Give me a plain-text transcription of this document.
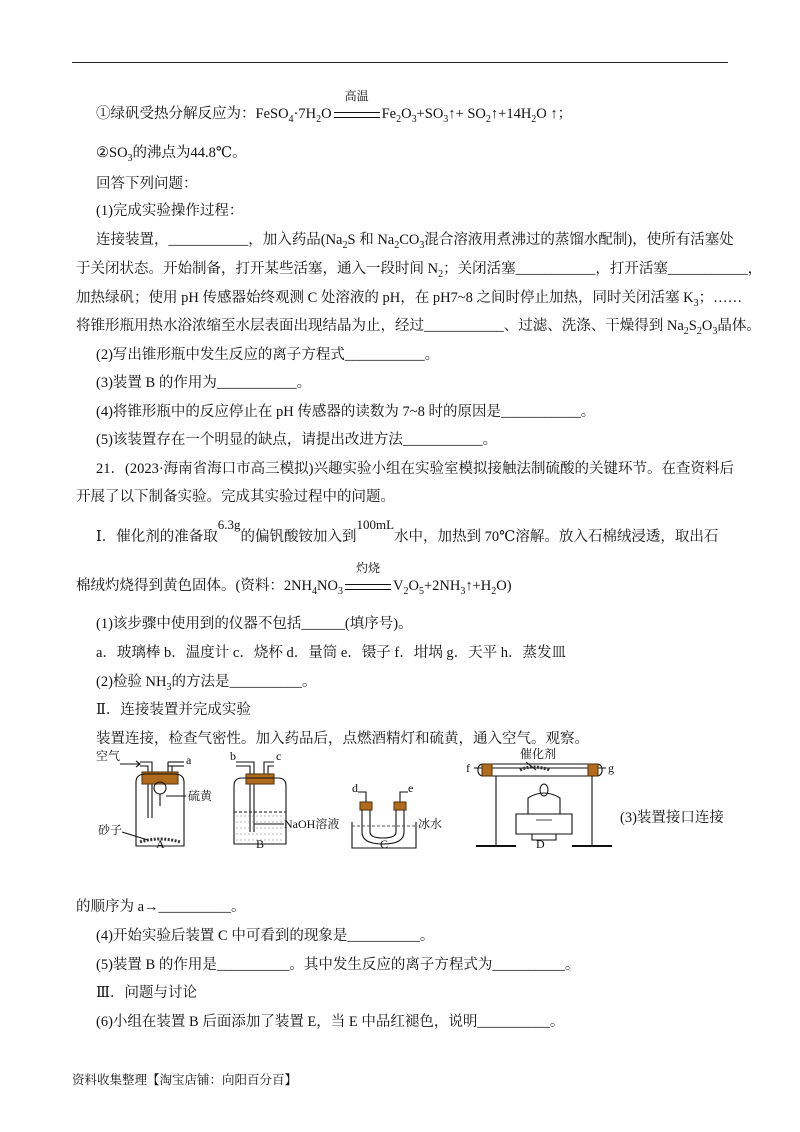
①绿矾受热分解反应为：$FeSO_4\cdot 7H_2O$
高温
$Fe_2O_3+SO_3↑+$ $SO_2↑+14H_2O$ ↑；
$②SO_3$的沸点为44.8℃。
回答下列问题：
(1)完成实验操作过程：
连接装置，___________，加入药品($Na_2S$ 和 $Na_2CO_3$混合溶液用煮沸过的蒸馏水配制)，使所有活塞处
于关闭状态。开始制备，打开某些活塞，通入一段时间 $N_2$；关闭活塞___________，打开活塞___________，
加热绿矾；使用 pH 传感器始终观测 C 处溶液的 pH，在 pH7~8 之间时停止加热，同时关闭活塞 $K_3$；……
将锥形瓶用热水浴浓缩至水层表面出现结晶为止，经过___________、过滤、洗涤、干燥得到 $Na_2S_2O_3$晶体。
(2)写出锥形瓶中发生反应的离子方程式___________。
(3)装置 B 的作用为___________。
(4)将锥形瓶中的反应停止在 pH 传感器的读数为 7~8 时的原因是___________。
(5)该装置存在一个明显的缺点，请提出改进方法___________。
21．(2023·海南省海口市高三模拟)兴趣实验小组在实验室模拟接触法制硫酸的关键环节。在查资料后
开展了以下制备实验。完成其实验过程中的问题。
Ⅰ．催化剂的准备取6.3g的偏钒酸铵加入到100mL水中，加热到 70℃溶解。放入石棉绒浸透，取出石
棉绒灼烧得到黄色固体。(资料：$2NH_4NO_3$
灼烧
$V_2O_5+2NH_3↑+H_2O$)
(1)该步骤中使用到的仪器不包括______(填序号)。
a．玻璃棒 b．温度计 c．烧杯 d．量筒 e．镊子 f．坩埚 g．天平 h．蒸发皿
(2)检验 $NH_3$的方法是__________。
Ⅱ．连接装置并完成实验
装置连接，检查气密性。加入药品后，点燃酒精灯和硫黄，通入空气。观察。
空气	a
硫黄
砂子
b	c
NaOH溶液
d	e
冰水
f	g
催化剂
A	B	C	D
(3)装置接口连接
的顺序为 a→__________。
(4)开始实验后装置 C 中可看到的现象是__________。
(5)装置 B 的作用是__________。其中发生反应的离子方程式为__________。
Ⅲ．问题与讨论
(6)小组在装置 B 后面添加了装置 E，当 E 中品红褪色，说明__________。
资料收集整理【淘宝店铺：向阳百分百】
